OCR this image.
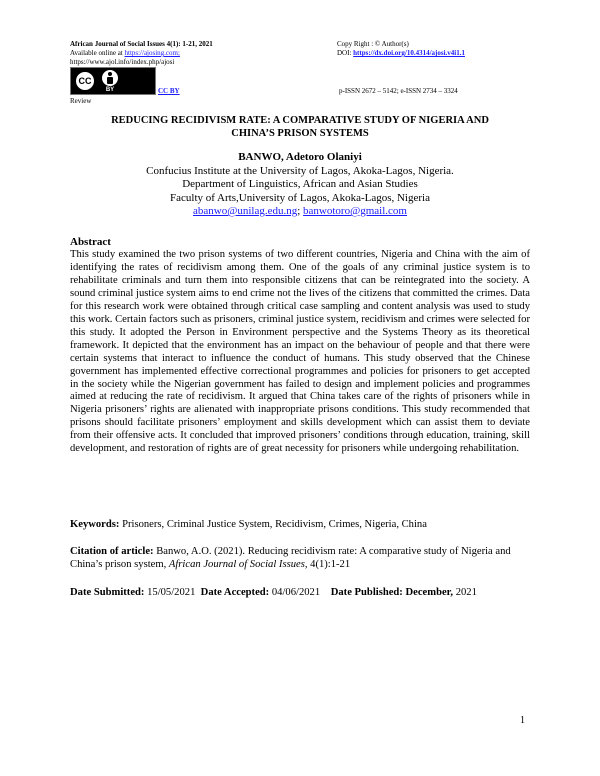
African Journal of Social Issues 4(1): 1-21, 2021
Available online at https://ajosing.com;
https://www.ajol.info/index.php/ajosi
Copy Right : © Author(s)
DOI: https://dx.doi.org/10.4314/ajosi.v4i1.1
CC
BY	CC BY	p-ISSN 2672 – 5142; e-ISSN 2734 – 3324
Review
REDUCING RECIDIVISM RATE: A COMPARATIVE STUDY OF NIGERIA AND
CHINA’S PRISON SYSTEMS
BANWO, Adetoro Olaniyi
Confucius Institute at the University of Lagos, Akoka-Lagos, Nigeria.
Department of Linguistics, African and Asian Studies
Faculty of Arts,University of Lagos, Akoka-Lagos, Nigeria
abanwo@unilag.edu.ng; banwotoro@gmail.com
Abstract
This study examined the two prison systems of two different countries, Nigeria and China with the aim of identifying the rates of recidivism among them. One of the goals of any criminal justice system is to rehabilitate criminals and turn them into responsible citizens that can be reintegrated into the society. A sound criminal justice system aims to end crime not the lives of the citizens that committed the crimes. Data for this research work were obtained through critical case sampling and content analysis was used to study this work. Certain factors such as prisoners, criminal justice system, recidivism and crimes were selected for this study. It adopted the Person in Environment perspective and the Systems Theory as its theoretical framework. It depicted that the environment has an impact on the behaviour of people and that there were certain systems that interact to influence the conduct of humans. This study observed that the Chinese government has implemented effective correctional programmes and policies for prisoners to get accepted in the society while the Nigerian government has failed to design and implement policies and programmes aimed at reducing the rate of recidivism. It argued that China takes care of the rights of prisoners while in Nigeria prisoners’ rights are alienated with inappropriate prisons conditions. This study recommended that prisons should facilitate prisoners’ employment and skills development which can assist them to deviate from their offensive acts. It concluded that improved prisoners’ conditions through education, training, skill development, and restoration of rights are of great necessity for prisoners while undergoing rehabilitation.
Keywords: Prisoners, Criminal Justice System, Recidivism, Crimes, Nigeria, China
Citation of article: Banwo, A.O. (2021). Reducing recidivism rate: A comparative study of Nigeria and China’s prison system, African Journal of Social Issues, 4(1):1-21
Date Submitted: 15/05/2021 Date Accepted: 04/06/2021 Date Published: December, 2021
1
